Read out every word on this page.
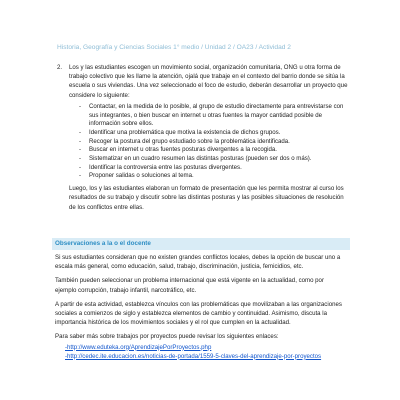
Historia, Geografía y Ciencias Sociales 1° medio / Unidad 2 / OA23 / Actividad 2
2.	Los y las estudiantes escogen un movimiento social, organización comunitaria, ONG u otra forma de trabajo colectivo que les llame la atención, ojalá que trabaje en el contexto del barrio donde se sitúa la escuela o sus viviendas. Una vez seleccionado el foco de estudio, deberán desarrollar un proyecto que considere lo siguiente:
-	Contactar, en la medida de lo posible, al grupo de estudio directamente para entrevistarse con sus integrantes, o bien buscar en internet u otras fuentes la mayor cantidad posible de información sobre ellos.
-	Identificar una problemática que motiva la existencia de dichos grupos.
-	Recoger la postura del grupo estudiado sobre la problemática identificada.
-	Buscar en internet u otras fuentes posturas divergentes a la recogida.
-	Sistematizar en un cuadro resumen las distintas posturas (pueden ser dos o más).
-	Identificar la controversia entre las posturas divergentes.
-	Proponer salidas o soluciones al tema.
Luego, los y las estudiantes elaboran un formato de presentación que les permita mostrar al curso los resultados de su trabajo y discutir sobre las distintas posturas y las posibles situaciones de resolución de los conflictos entre ellas.
Observaciones a la o el docente

Si sus estudiantes consideran que no existen grandes conflictos locales, debes la opción de buscar uno a escala más general, como educación, salud, trabajo, discriminación, justicia, femicidios, etc.

También pueden seleccionar un problema internacional que está vigente en la actualidad, como por ejemplo corrupción, trabajo infantil, narcotráfico, etc.

A partir de esta actividad, establezca vínculos con las problemáticas que movilizaban a las organizaciones sociales a comienzos de siglo y establezca elementos de cambio y continuidad. Asimismo, discuta la importancia histórica de los movimientos sociales y el rol que cumplen en la actualidad.

Para saber más sobre trabajos por proyectos puede revisar los siguientes enlaces:

-http://www.eduteka.org/AprendizajePorProyectos.php
-http://cedec.ite.educacion.es/noticias-de-portada/1559-5-claves-del-aprendizaje-por-proyectos
